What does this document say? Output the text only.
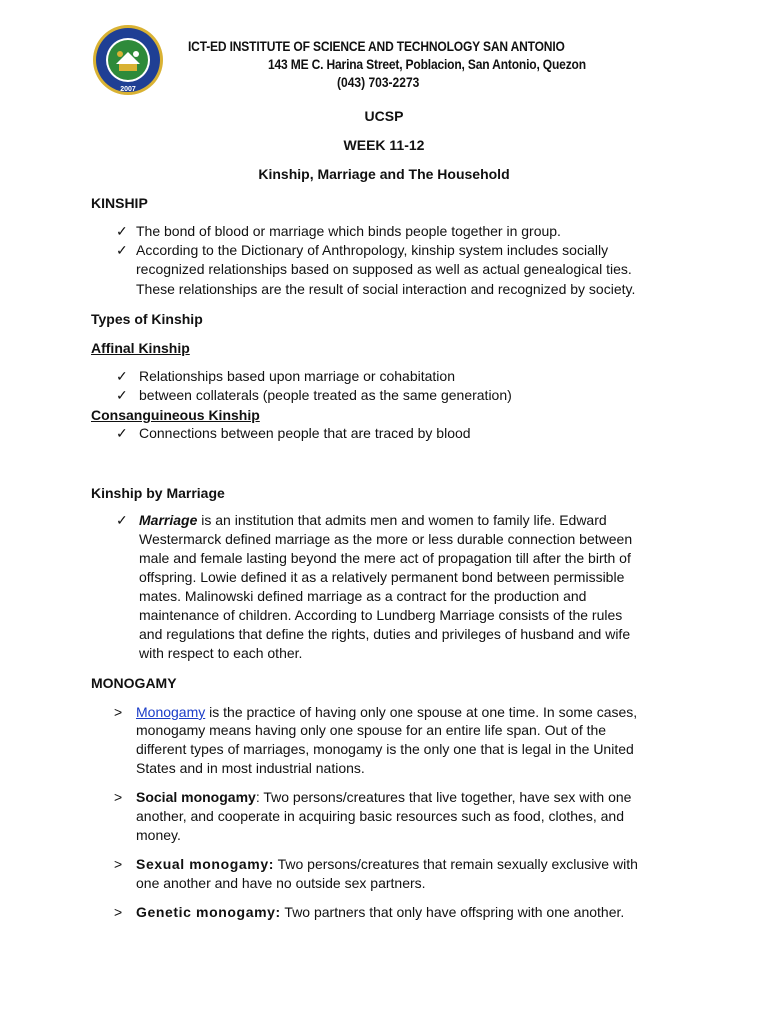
2007
ICT-ED INSTITUTE OF SCIENCE AND TECHNOLOGY SAN ANTONIO
143 ME C. Harina Street, Poblacion, San Antonio, Quezon
(043) 703-2273
UCSP
WEEK 11-12
Kinship, Marriage and The Household
KINSHIP
✓ The bond of blood or marriage which binds people together in group.
✓ According to the Dictionary of Anthropology, kinship system includes socially
recognized relationships based on supposed as well as actual genealogical ties.
These relationships are the result of social interaction and recognized by society.
Types of Kinship
Affinal Kinship
✓ Relationships based upon marriage or cohabitation
✓ between collaterals (people treated as the same generation)
Consanguineous Kinship
✓ Connections between people that are traced by blood
Kinship by Marriage
✓ Marriage is an institution that admits men and women to family life. Edward
Westermarck defined marriage as the more or less durable connection between
male and female lasting beyond the mere act of propagation till after the birth of
offspring. Lowie defined it as a relatively permanent bond between permissible
mates. Malinowski defined marriage as a contract for the production and
maintenance of children. According to Lundberg Marriage consists of the rules
and regulations that define the rights, duties and privileges of husband and wife
with respect to each other.
MONOGAMY
> Monogamy is the practice of having only one spouse at one time. In some cases,
monogamy means having only one spouse for an entire life span. Out of the
different types of marriages, monogamy is the only one that is legal in the United
States and in most industrial nations.
> Social monogamy: Two persons/creatures that live together, have sex with one
another, and cooperate in acquiring basic resources such as food, clothes, and
money.
> Sexual monogamy: Two persons/creatures that remain sexually exclusive with
one another and have no outside sex partners.
> Genetic monogamy: Two partners that only have offspring with one another.
